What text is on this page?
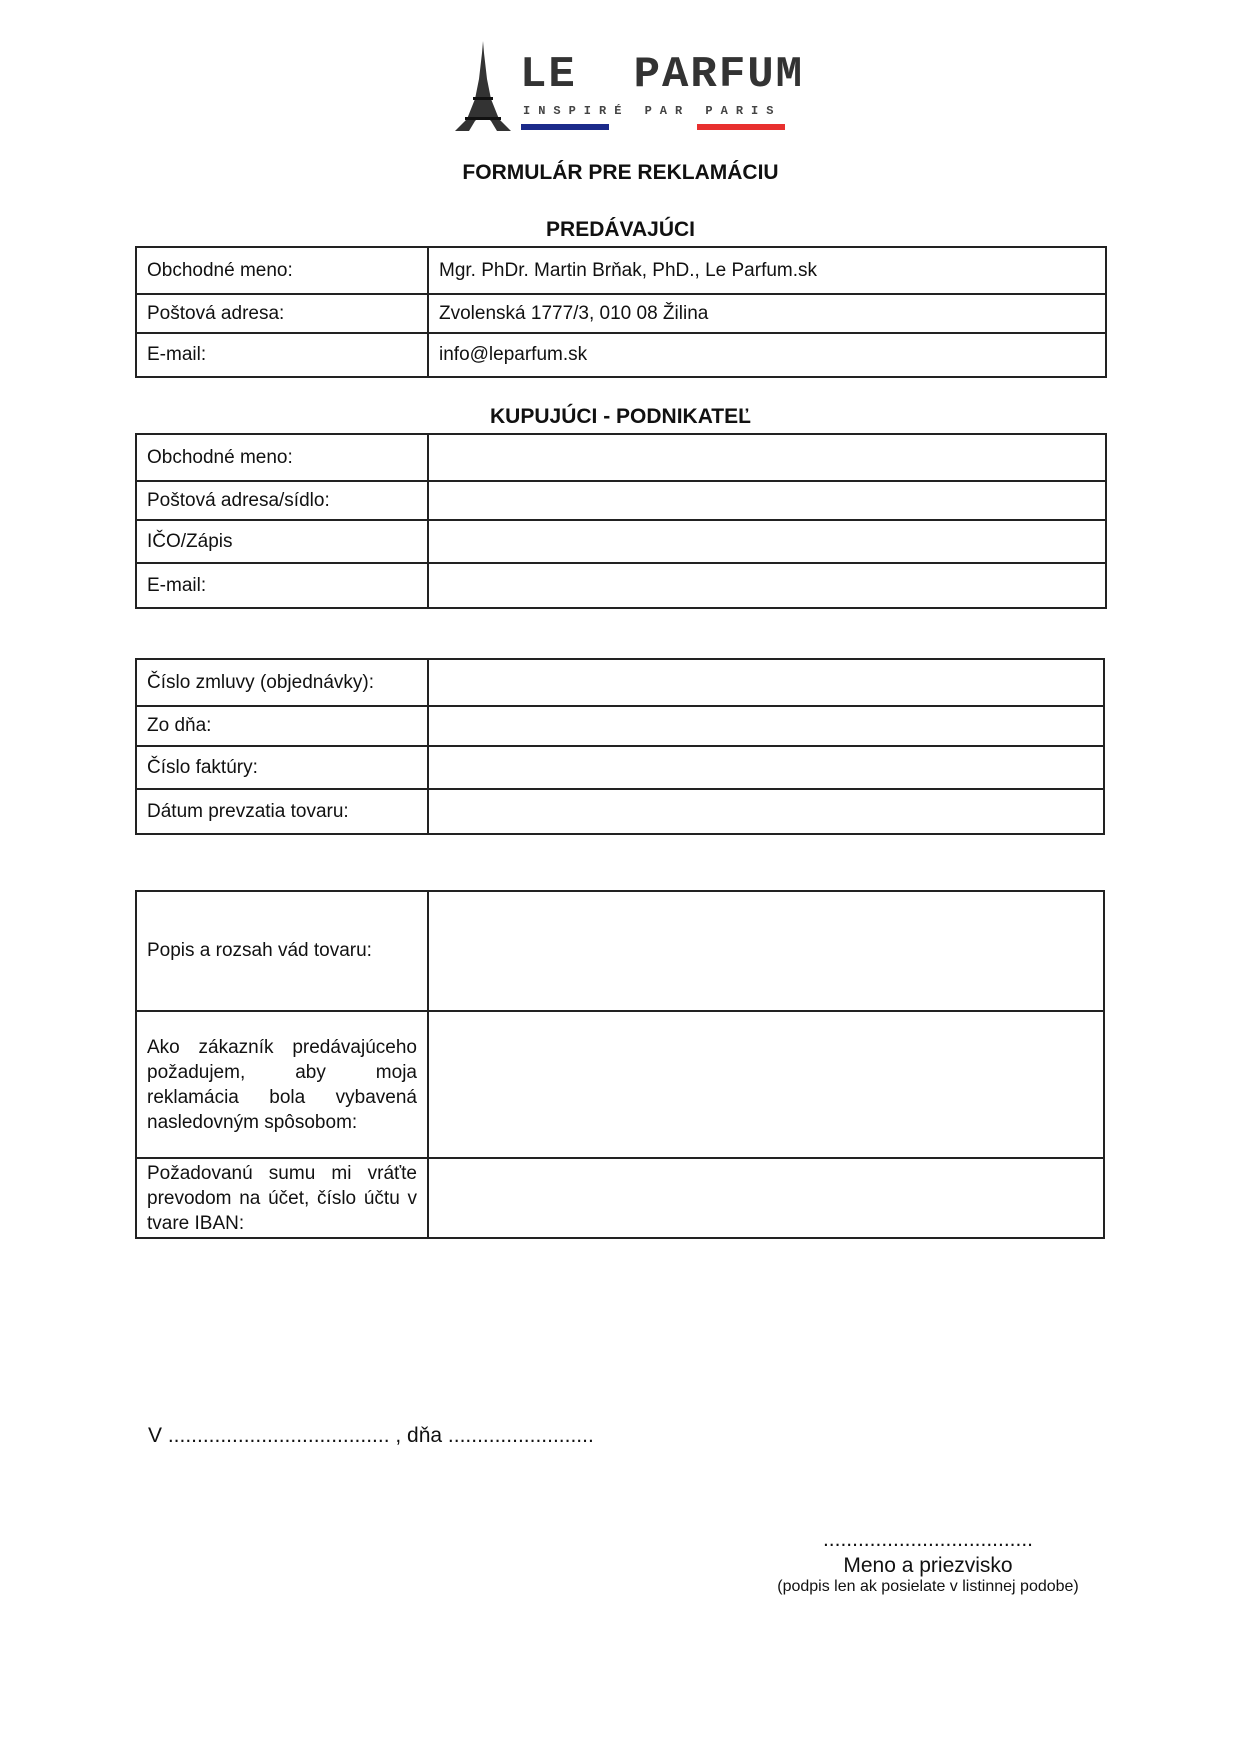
LE  PARFUM
INSPIRÉ PAR PARIS
FORMULÁR PRE REKLAMÁCIU
PREDÁVAJÚCI
Obchodné meno:	Mgr. PhDr. Martin Brňak, PhD., Le Parfum.sk
Poštová adresa:	Zvolenská 1777/3, 010 08 Žilina
E-mail:	info@leparfum.sk
KUPUJÚCI - PODNIKATEĽ
Obchodné meno:	
Poštová adresa/sídlo:	
IČO/Zápis	
E-mail:	
Číslo zmluvy (objednávky):	
Zo dňa:	
Číslo faktúry:	
Dátum prevzatia tovaru:	
Popis a rozsah vád tovaru:	
Ako zákazník predávajúceho požadujem, aby moja reklamácia bola vybavená nasledovným spôsobom:	
Požadovanú sumu mi vráťte prevodom na účet, číslo účtu v tvare IBAN:	
V ...................................... , dňa .........................
....................................
Meno a priezvisko
(podpis len ak posielate v listinnej podobe)
